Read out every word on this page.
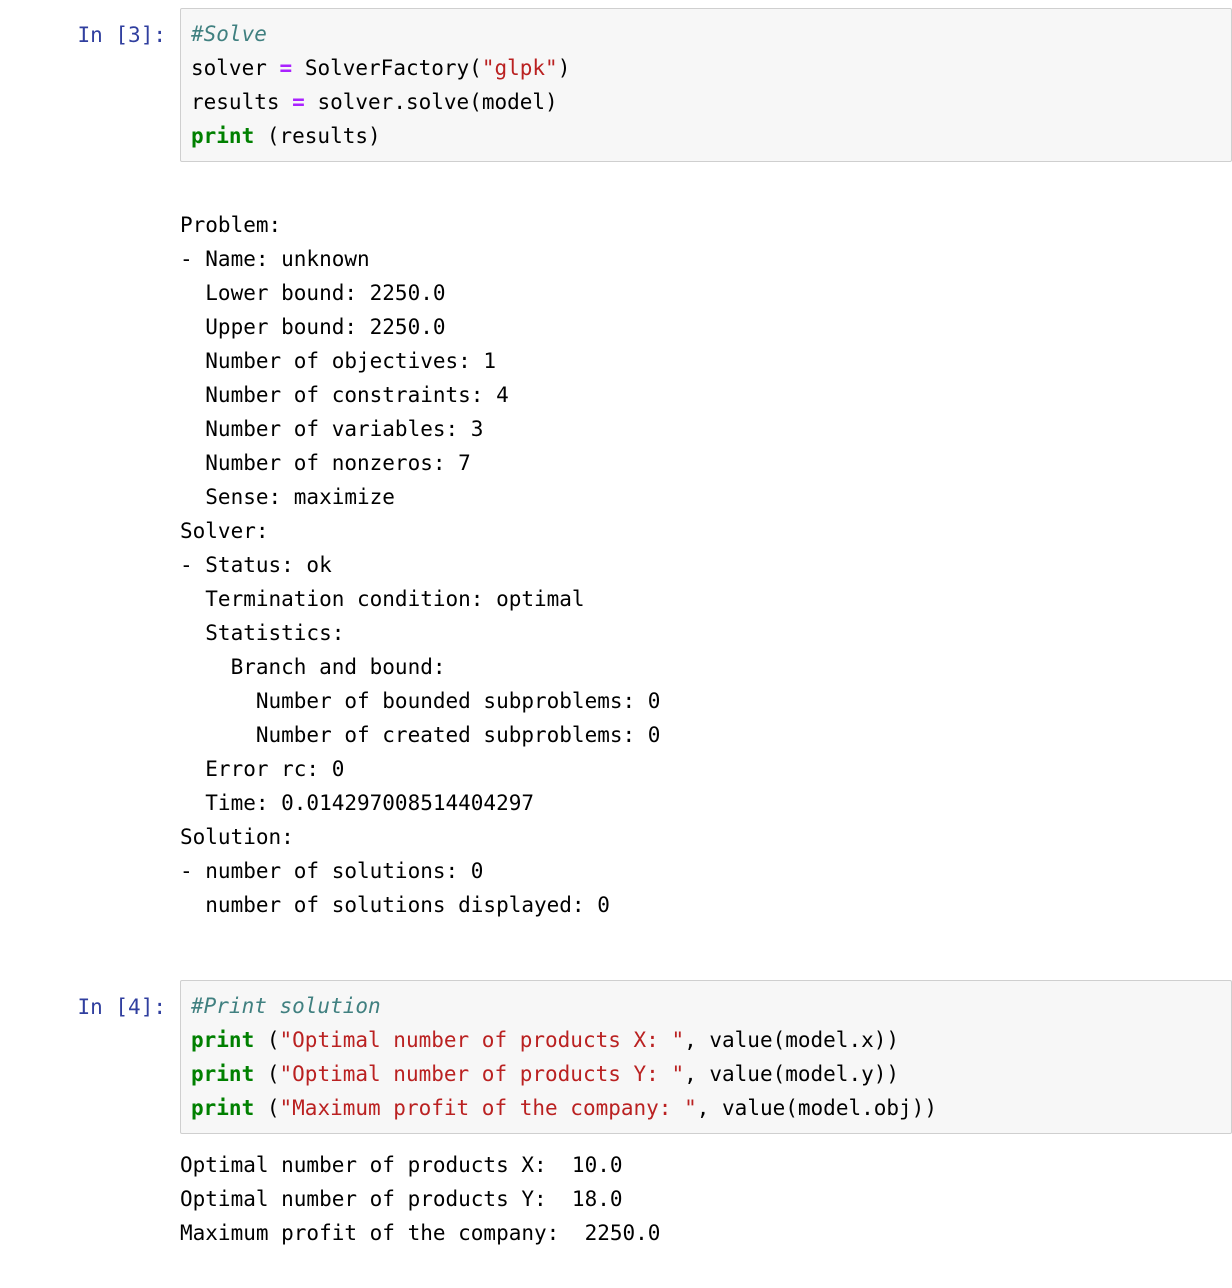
In [3]:	#Solve
solver = SolverFactory("glpk")
results = solver.solve(model)
print (results)
Problem:
- Name: unknown
Lower bound: 2250.0
Upper bound: 2250.0
Number of objectives: 1
Number of constraints: 4
Number of variables: 3
Number of nonzeros: 7
Sense: maximize
Solver:
- Status: ok
Termination condition: optimal
Statistics:
Branch and bound:
Number of bounded subproblems: 0
Number of created subproblems: 0
Error rc: 0
Time: 0.014297008514404297
Solution:
- number of solutions: 0
number of solutions displayed: 0
In [4]:	#Print solution
print ("Optimal number of products X: ", value(model.x))
print ("Optimal number of products Y: ", value(model.y))
print ("Maximum profit of the company: ", value(model.obj))
Optimal number of products X:  10.0
Optimal number of products Y:  18.0
Maximum profit of the company:  2250.0
